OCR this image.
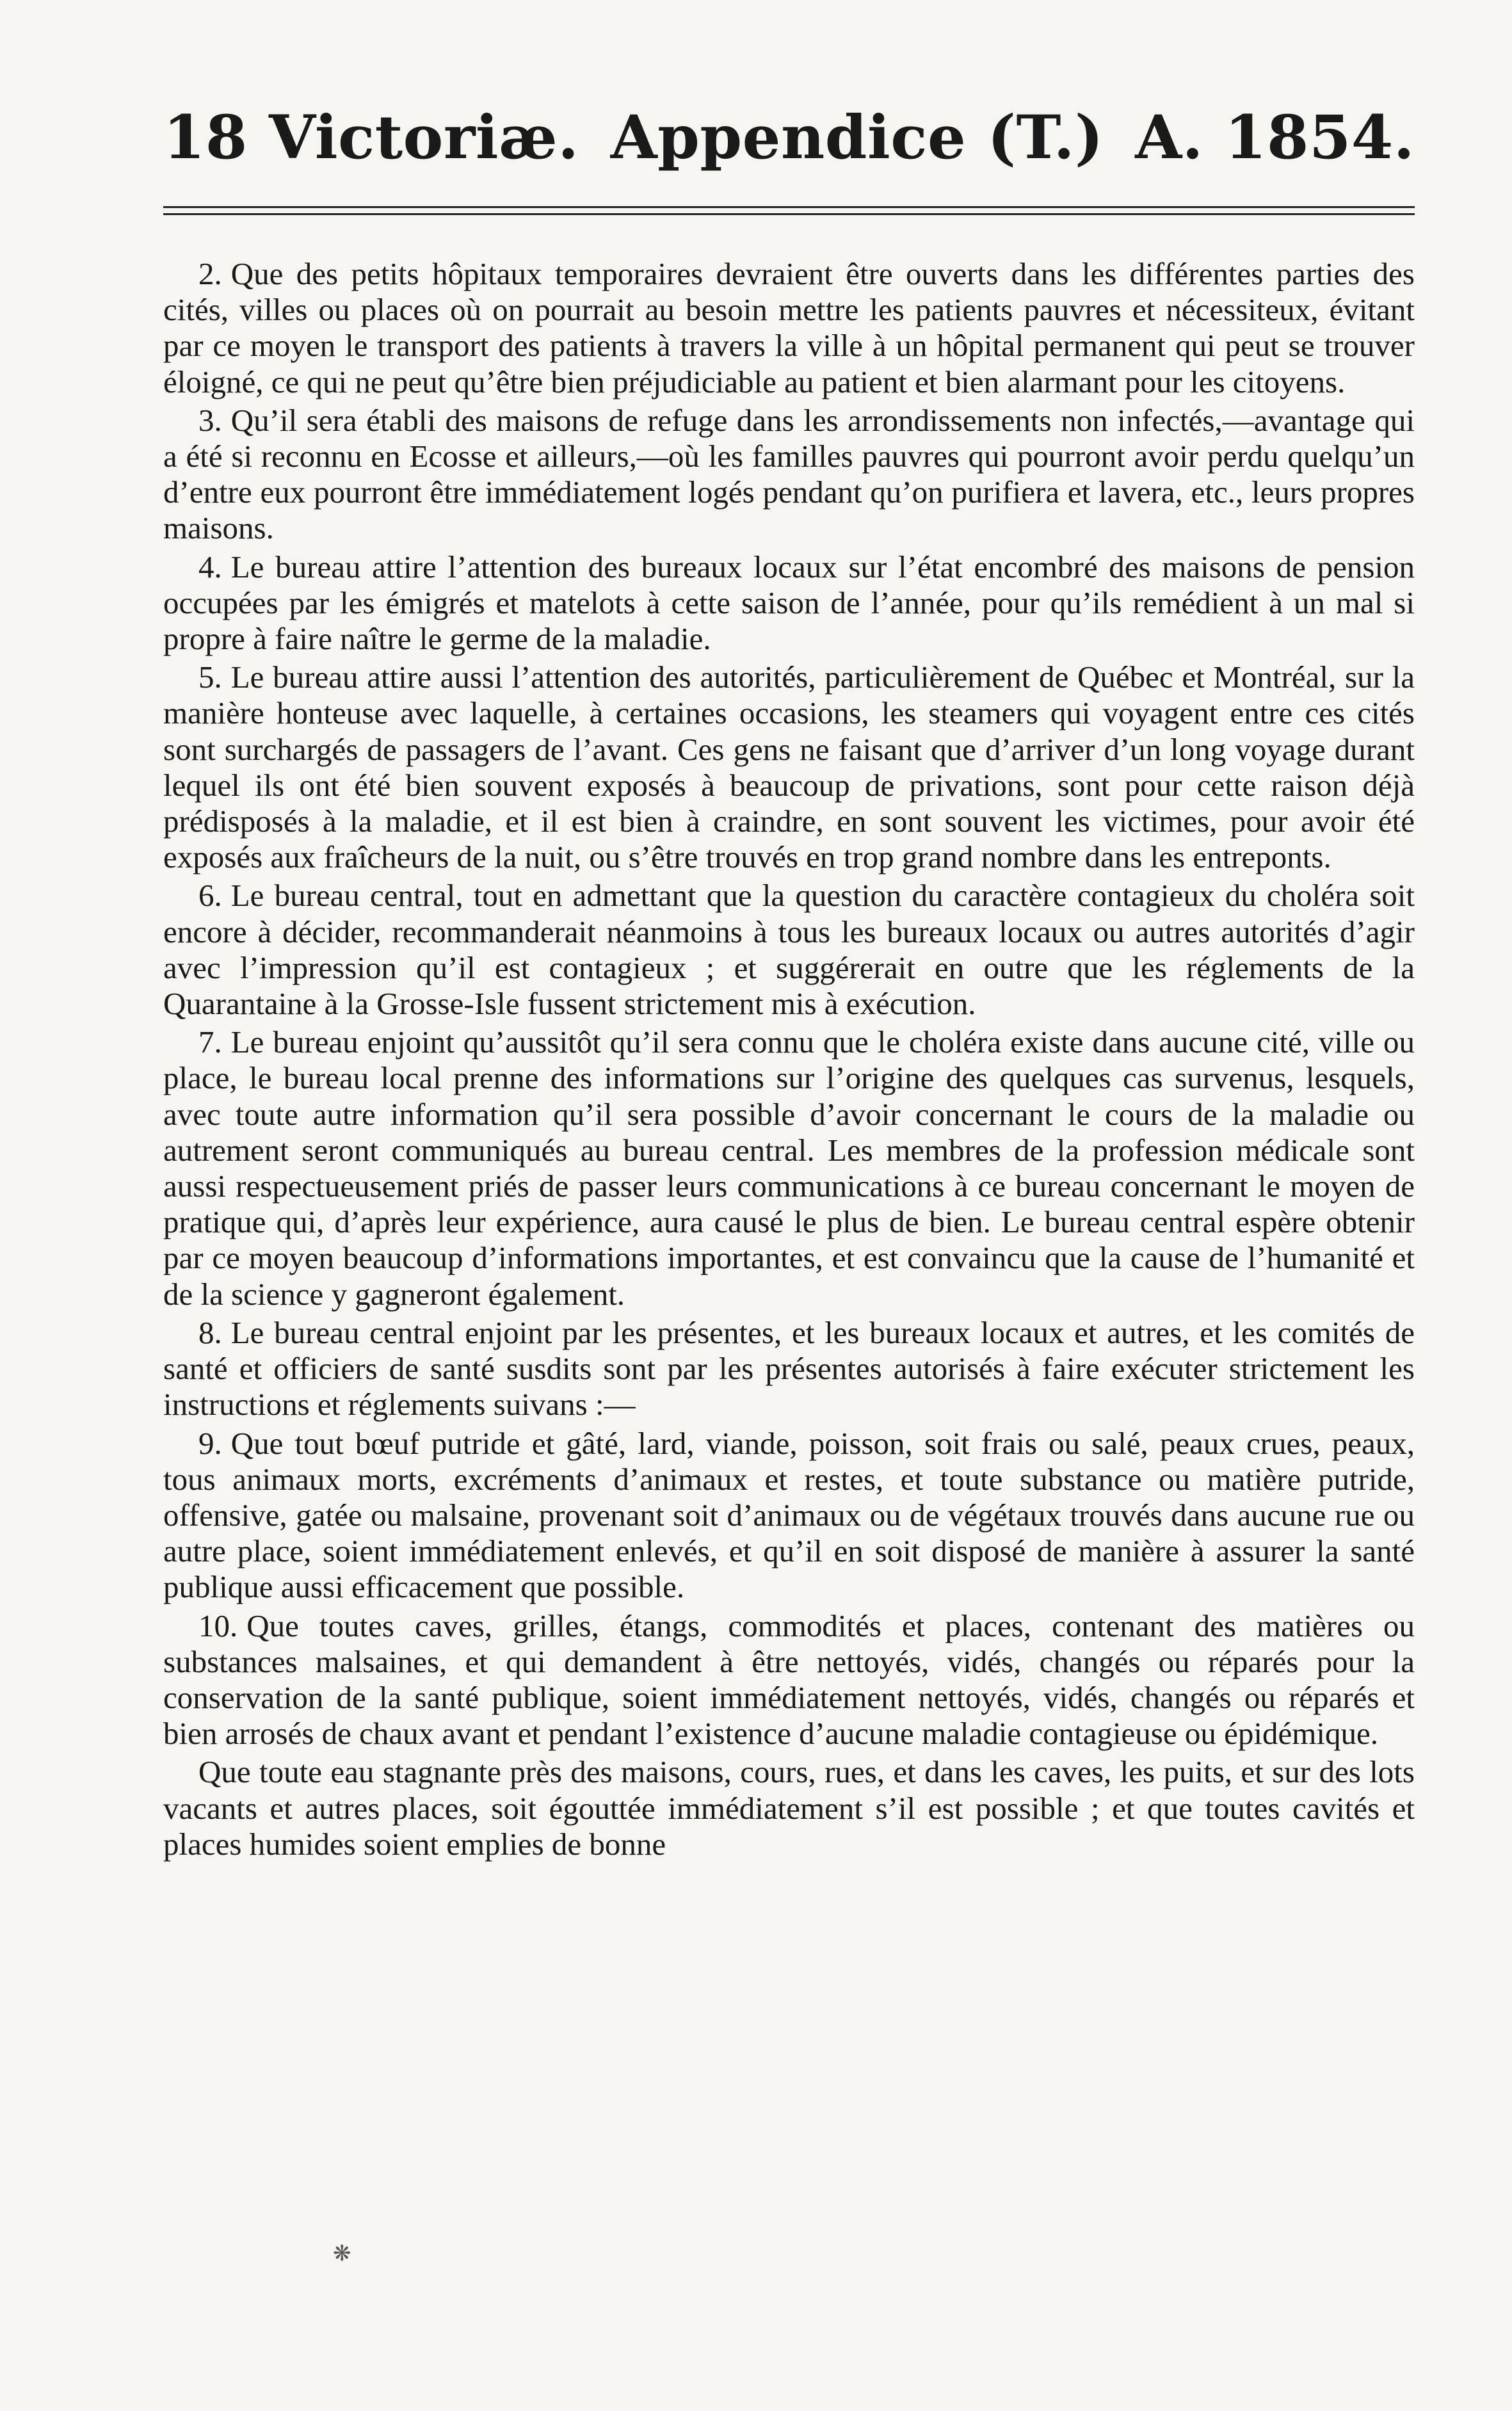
18 Victoriæ. Appendice (T.) A. 1854.

2. Que des petits hôpitaux temporaires devraient être ouverts dans les différentes parties des cités, villes ou places où on pourrait au besoin mettre les patients pauvres et nécessiteux, évitant par ce moyen le transport des patients à travers la ville à un hôpital permanent qui peut se trouver éloigné, ce qui ne peut qu’être bien préjudiciable au patient et bien alarmant pour les citoyens.

3. Qu’il sera établi des maisons de refuge dans les arrondissements non infectés,—avantage qui a été si reconnu en Ecosse et ailleurs,—où les familles pauvres qui pourront avoir perdu quelqu’un d’entre eux pourront être immédiatement logés pendant qu’on purifiera et lavera, etc., leurs propres maisons.

4. Le bureau attire l’attention des bureaux locaux sur l’état encombré des maisons de pension occupées par les émigrés et matelots à cette saison de l’année, pour qu’ils remédient à un mal si propre à faire naître le germe de la maladie.

5. Le bureau attire aussi l’attention des autorités, particulièrement de Québec et Montréal, sur la manière honteuse avec laquelle, à certaines occasions, les steamers qui voyagent entre ces cités sont surchargés de passagers de l’avant. Ces gens ne faisant que d’arriver d’un long voyage durant lequel ils ont été bien souvent exposés à beaucoup de privations, sont pour cette raison déjà prédisposés à la maladie, et il est bien à craindre, en sont souvent les victimes, pour avoir été exposés aux fraîcheurs de la nuit, ou s’être trouvés en trop grand nombre dans les entreponts.

6. Le bureau central, tout en admettant que la question du caractère contagieux du choléra soit encore à décider, recommanderait néanmoins à tous les bureaux locaux ou autres autorités d’agir avec l’impression qu’il est contagieux ; et suggérerait en outre que les réglements de la Quarantaine à la Grosse-Isle fussent strictement mis à exécution.

7. Le bureau enjoint qu’aussitôt qu’il sera connu que le choléra existe dans aucune cité, ville ou place, le bureau local prenne des informations sur l’origine des quelques cas survenus, lesquels, avec toute autre information qu’il sera possible d’avoir concernant le cours de la maladie ou autrement seront communiqués au bureau central. Les membres de la profession médicale sont aussi respectueusement priés de passer leurs communications à ce bureau concernant le moyen de pratique qui, d’après leur expérience, aura causé le plus de bien. Le bureau central espère obtenir par ce moyen beaucoup d’informations importantes, et est convaincu que la cause de l’humanité et de la science y gagneront également.

8. Le bureau central enjoint par les présentes, et les bureaux locaux et autres, et les comités de santé et officiers de santé susdits sont par les présentes autorisés à faire exécuter strictement les instructions et réglements suivans :—

9. Que tout bœuf putride et gâté, lard, viande, poisson, soit frais ou salé, peaux crues, peaux, tous animaux morts, excréments d’animaux et restes, et toute substance ou matière putride, offensive, gatée ou malsaine, provenant soit d’animaux ou de végétaux trouvés dans aucune rue ou autre place, soient immédiatement enlevés, et qu’il en soit disposé de manière à assurer la santé publique aussi efficacement que possible.

10. Que toutes caves, grilles, étangs, commodités et places, contenant des matières ou substances malsaines, et qui demandent à être nettoyés, vidés, changés ou réparés pour la conservation de la santé publique, soient immédiatement nettoyés, vidés, changés ou réparés et bien arrosés de chaux avant et pendant l’existence d’aucune maladie contagieuse ou épidémique.

Que toute eau stagnante près des maisons, cours, rues, et dans les caves, les puits, et sur des lots vacants et autres places, soit égouttée immédiatement s’il est possible ; et que toutes cavités et places humides soient emplies de bonne

❋
